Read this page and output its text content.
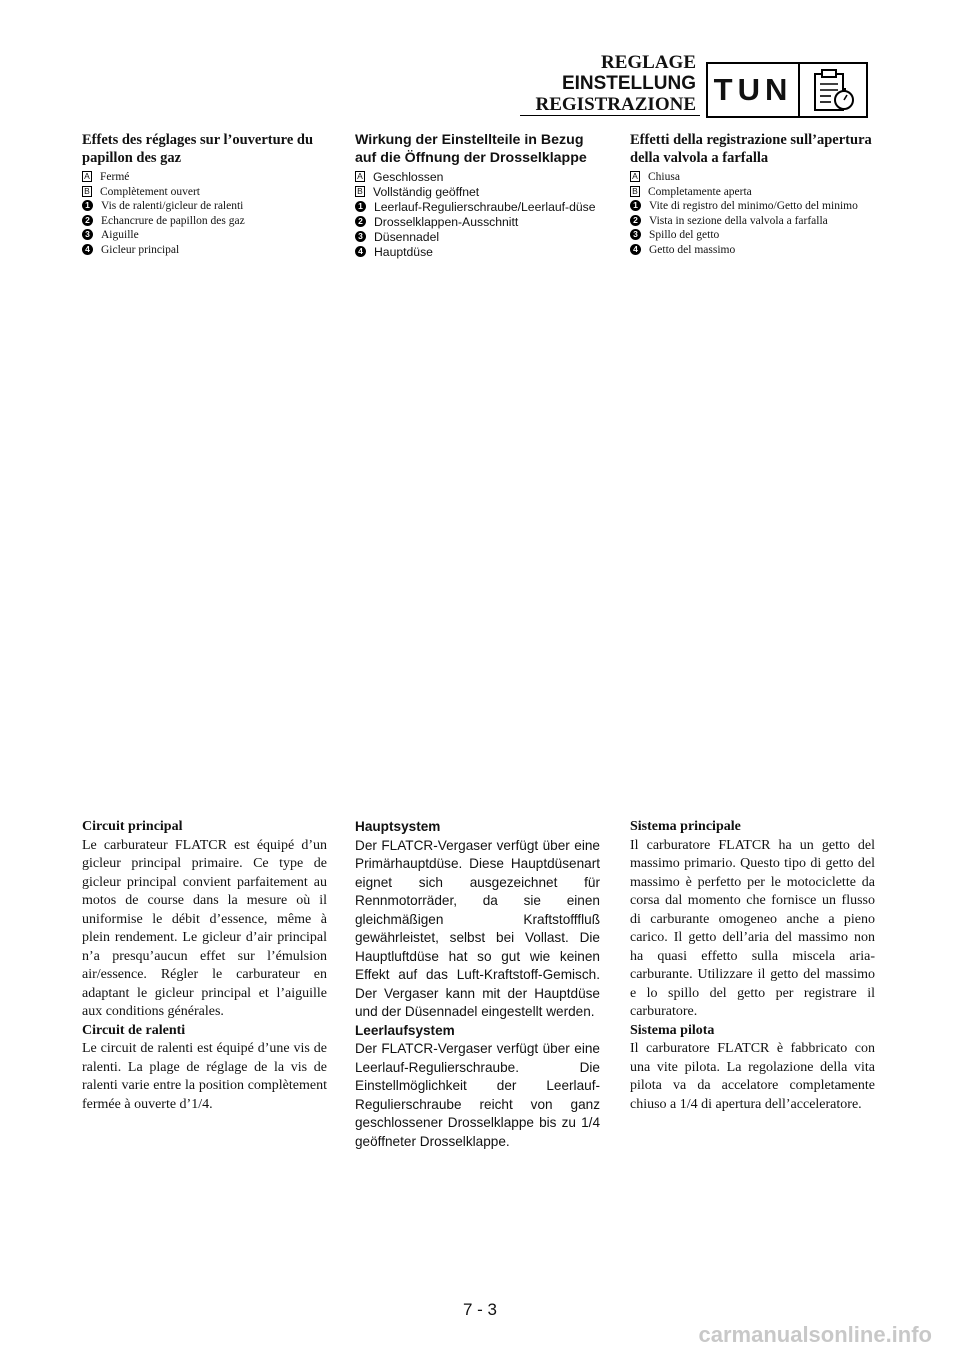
REGLAGE
EINSTELLUNG
REGISTRAZIONE TUN
Effets des réglages sur l’ouverture du papillon des gaz
A Fermé
B Complètement ouvert
1 Vis de ralenti/gicleur de ralenti
2 Echancrure de papillon des gaz
3 Aiguille
4 Gicleur principal
Wirkung der Einstellteile in Bezug auf die Öffnung der Drosselklappe
A Geschlossen
B Vollständig geöffnet
1 Leerlauf-Regulierschraube/Leerlauf-düse
2 Drosselklappen-Ausschnitt
3 Düsennadel
4 Hauptdüse
Effetti della registrazione sull’apertura della valvola a farfalla
A Chiusa
B Completamente aperta
1 Vite di registro del minimo/Getto del minimo
2 Vista in sezione della valvola a farfalla
3 Spillo del getto
4 Getto del massimo
Circuit principal

Le carburateur FLATCR est équipé d’un gicleur principal primaire. Ce type de gicleur principal convient parfaitement au motos de course dans la mesure où il uniformise le débit d’essence, même à plein rendement. Le gicleur d’air principal n’a presqu’aucun effet sur l’émulsion air/essence. Régler le carburateur en adaptant le gicleur principal et l’aiguille aux conditions générales.

Circuit de ralenti

Le circuit de ralenti est équipé d’une vis de ralenti. La plage de réglage de la vis de ralenti varie entre la position complètement fermée à ouverte d’1/4.

Hauptsystem

Der FLATCR-Vergaser verfügt über eine Primärhauptdüse. Diese Hauptdüsenart eignet sich ausgezeichnet für Rennmotorräder, da sie einen gleichmäßigen Kraftstofffluß gewährleistet, selbst bei Vollast. Die Hauptluftdüse hat so gut wie keinen Effekt auf das Luft-Kraftstoff-Gemisch. Der Vergaser kann mit der Hauptdüse und der Düsennadel eingestellt werden.

Leerlaufsystem

Der FLATCR-Vergaser verfügt über eine Leerlauf-Regulierschraube. Die Einstellmöglichkeit der Leerlauf-Regulierschraube reicht von ganz geschlossener Drosselklappe bis zu 1/4 geöffneter Drosselklappe.

Sistema principale

Il carburatore FLATCR ha un getto del massimo primario. Questo tipo di getto del massimo è perfetto per le motociclette da corsa dal momento che fornisce un flusso di carburante omogeneo anche a pieno carico. Il getto dell’aria del massimo non ha quasi effetto sulla miscela aria-carburante. Utilizzare il getto del massimo e lo spillo del getto per registrare il carburatore.

Sistema pilota

Il carburatore FLATCR è fabbricato con una vite pilota. La regolazione della vita pilota va da accelatore completamente chiuso a 1/4 di apertura dell’acceleratore.

7 - 3
carmanualsonline.info
